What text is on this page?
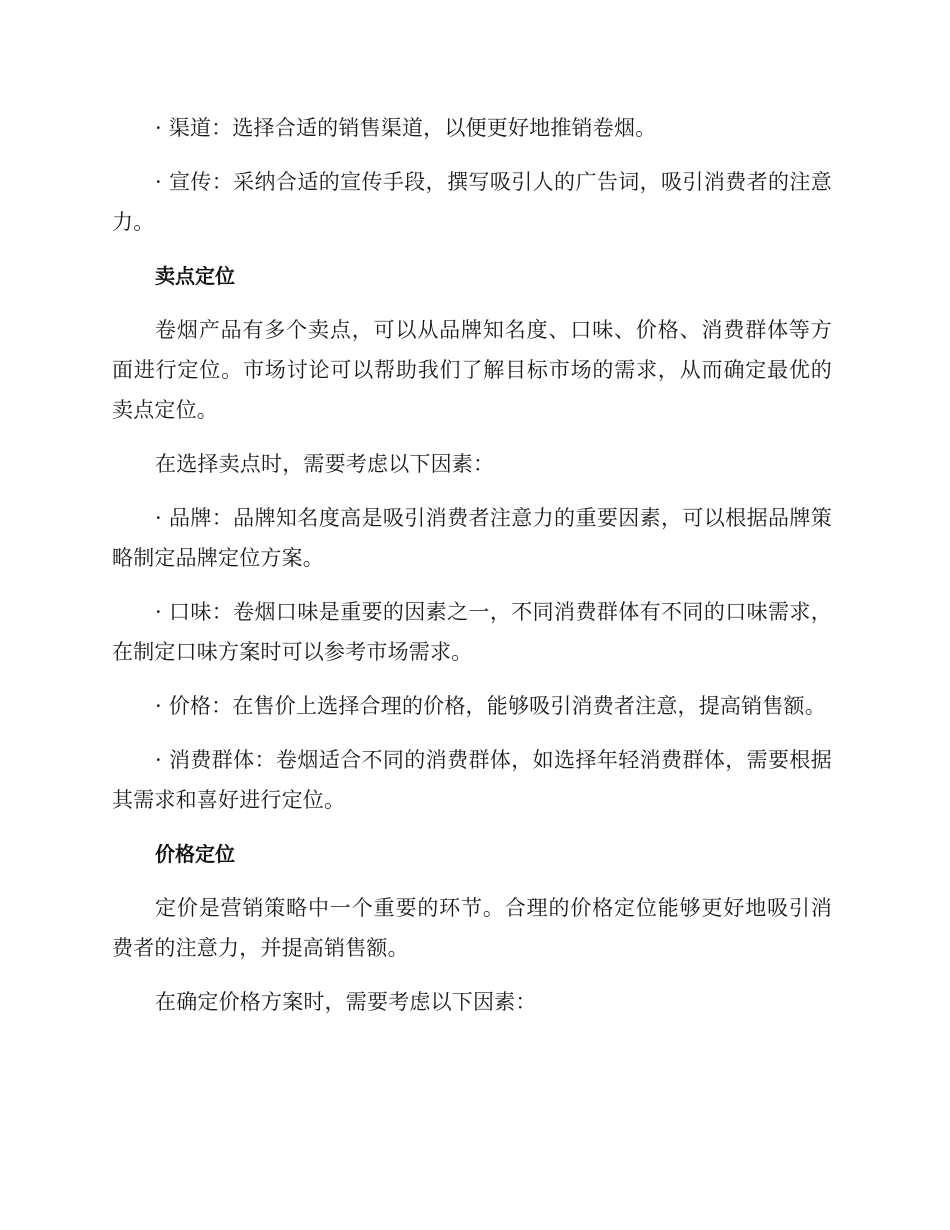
· 渠道：选择合适的销售渠道，以便更好地推销卷烟。

· 宣传：采纳合适的宣传手段，撰写吸引人的广告词，吸引消费者的注意力。

卖点定位

卷烟产品有多个卖点，可以从品牌知名度、口味、价格、消费群体等方面进行定位。市场讨论可以帮助我们了解目标市场的需求，从而确定最优的卖点定位。

在选择卖点时，需要考虑以下因素：

· 品牌：品牌知名度高是吸引消费者注意力的重要因素，可以根据品牌策略制定品牌定位方案。

· 口味：卷烟口味是重要的因素之一，不同消费群体有不同的口味需求，在制定口味方案时可以参考市场需求。

· 价格：在售价上选择合理的价格，能够吸引消费者注意，提高销售额。

· 消费群体：卷烟适合不同的消费群体，如选择年轻消费群体，需要根据其需求和喜好进行定位。

价格定位

定价是营销策略中一个重要的环节。合理的价格定位能够更好地吸引消费者的注意力，并提高销售额。

在确定价格方案时，需要考虑以下因素：
